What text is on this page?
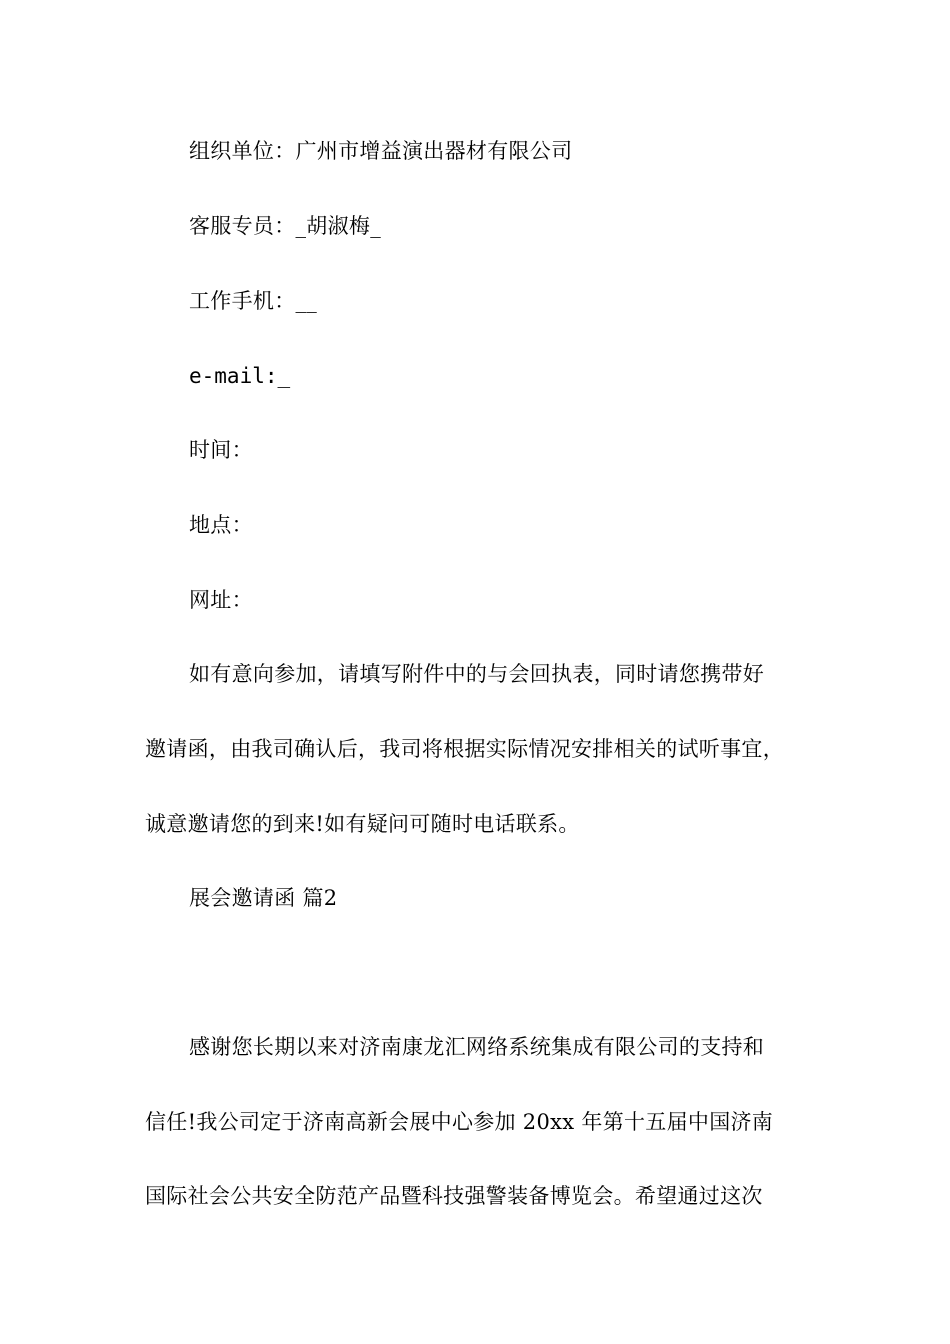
组织单位：广州市增益演出器材有限公司
客服专员：_胡淑梅_
工作手机：__
e-mail:_
时间：
地点：
网址：
如有意向参加，请填写附件中的与会回执表，同时请您携带好
邀请函，由我司确认后，我司将根据实际情况安排相关的试听事宜，
诚意邀请您的到来!如有疑问可随时电话联系。
展会邀请函 篇2
感谢您长期以来对济南康龙汇网络系统集成有限公司的支持和
信任!我公司定于济南高新会展中心参加 20xx 年第十五届中国济南
国际社会公共安全防范产品暨科技强警装备博览会。希望通过这次
